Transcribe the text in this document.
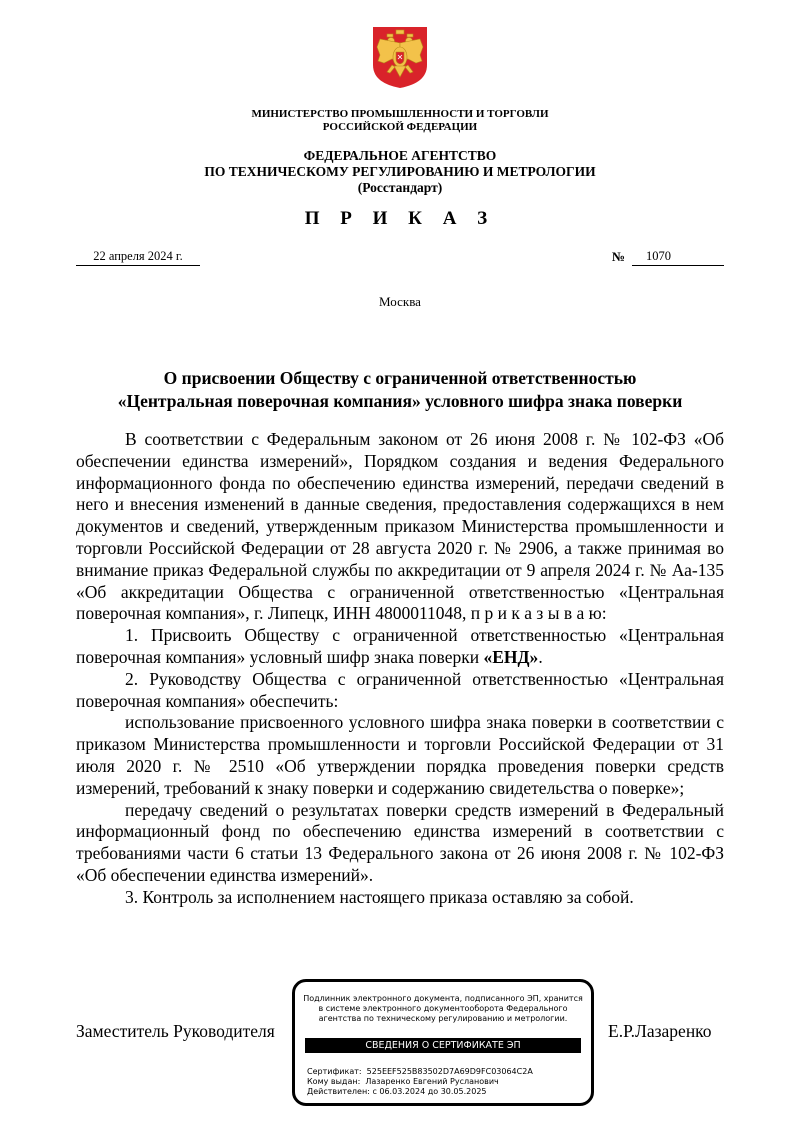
МИНИСТЕРСТВО ПРОМЫШЛЕННОСТИ И ТОРГОВЛИ
РОССИЙСКОЙ ФЕДЕРАЦИИ
ФЕДЕРАЛЬНОЕ АГЕНТСТВО
ПО ТЕХНИЧЕСКОМУ РЕГУЛИРОВАНИЮ И МЕТРОЛОГИИ
(Росстандарт)
П Р И К А З
22 апреля 2024 г.	№	1070
Москва
О присвоении Обществу с ограниченной ответственностью
«Центральная поверочная компания» условного шифра знака поверки

В соответствии с Федеральным законом от 26 июня 2008 г. № 102-ФЗ «Об обеспечении единства измерений», Порядком создания и ведения Федерального информационного фонда по обеспечению единства измерений, передачи сведений в него и внесения изменений в данные сведения, предоставления содержащихся в нем документов и сведений, утвержденным приказом Министерства промышленности и торговли Российской Федерации от 28 августа 2020 г. № 2906, а также принимая во внимание приказ Федеральной службы по аккредитации от 9 апреля 2024 г. № Аа-135 «Об аккредитации Общества с ограниченной ответственностью «Центральная поверочная компания», г. Липецк, ИНН 4800011048, п р и к а з ы в а ю:

1. Присвоить Обществу с ограниченной ответственностью «Центральная поверочная компания» условный шифр знака поверки «ЕНД».

2. Руководству Общества с ограниченной ответственностью «Центральная поверочная компания» обеспечить:

использование присвоенного условного шифра знака поверки в соответствии с приказом Министерства промышленности и торговли Российской Федерации от 31 июля 2020 г. № 2510 «Об утверждении порядка проведения поверки средств измерений, требований к знаку поверки и содержанию свидетельства о поверке»;

передачу сведений о результатах поверки средств измерений в Федеральный информационный фонд по обеспечению единства измерений в соответствии с требованиями части 6 статьи 13 Федерального закона от 26 июня 2008 г. № 102-ФЗ «Об обеспечении единства измерений».

3. Контроль за исполнением настоящего приказа оставляю за собой.

Заместитель Руководителя	Е.Р.Лазаренко
Подлинник электронного документа, подписанного ЭП, хранится в системе электронного документооборота Федерального агентства по техническому регулированию и метрологии.
СВЕДЕНИЯ О СЕРТИФИКАТЕ ЭП
Сертификат: 525EEF525B83502D7A69D9FC03064C2A
Кому выдан: Лазаренко Евгений Русланович
Действителен: с 06.03.2024 до 30.05.2025
